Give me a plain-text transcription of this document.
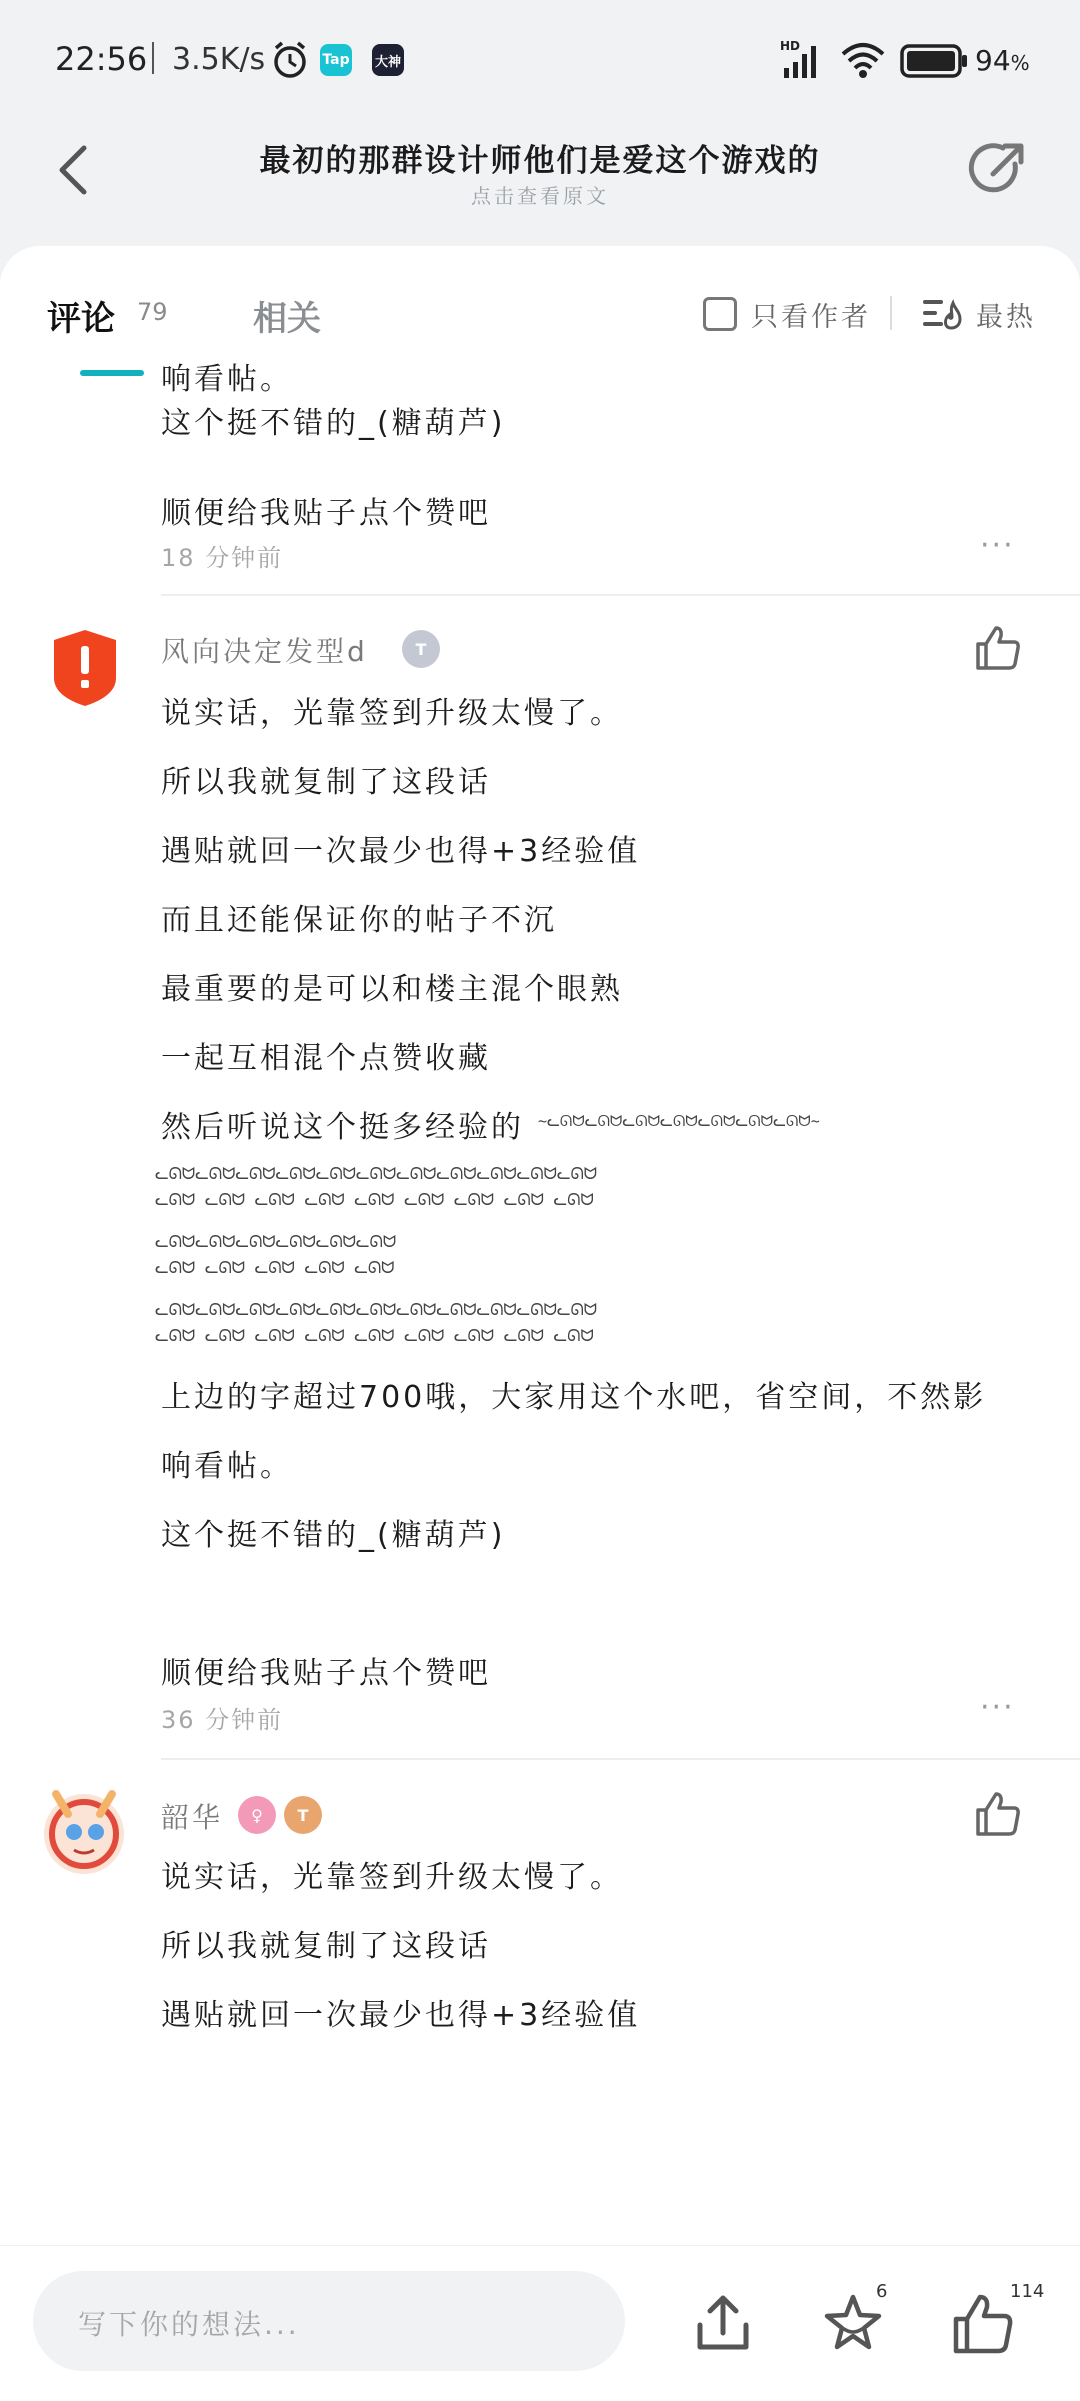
22:56 3.5K/s	Tap 大神
HD	94%
最初的那群设计师他们是爱这个游戏的
点击查看原文
评论 79	相关	只看作者	最热
响看帖。
这个挺不错的_(糖葫芦)
顺便给我贴子点个赞吧
18 分钟前	···
风向决定发型d	T
说实话，光靠签到升级太慢了。
所以我就复制了这段话
遇贴就回一次最少也得+3经验值
而且还能保证你的帖子不沉
最重要的是可以和楼主混个眼熟
一起互相混个点赞收藏
然后听说这个挺多经验的 ~ᓚᘏᗢᓚᘏᗢᓚᘏᗢᓚᘏᗢᓚᘏᗢᓚᘏᗢᓚᘏᗢ~
ᓚᘏᗢᓚᘏᗢᓚᘏᗢᓚᘏᗢᓚᘏᗢᓚᘏᗢᓚᘏᗢᓚᘏᗢᓚᘏᗢᓚᘏᗢᓚᘏᗢ
ᓚᘏᗢ ᓚᘏᗢ ᓚᘏᗢ ᓚᘏᗢ ᓚᘏᗢ ᓚᘏᗢ ᓚᘏᗢ ᓚᘏᗢ ᓚᘏᗢ
ᓚᘏᗢᓚᘏᗢᓚᘏᗢᓚᘏᗢᓚᘏᗢᓚᘏᗢ
ᓚᘏᗢ ᓚᘏᗢ ᓚᘏᗢ ᓚᘏᗢ ᓚᘏᗢ
ᓚᘏᗢᓚᘏᗢᓚᘏᗢᓚᘏᗢᓚᘏᗢᓚᘏᗢᓚᘏᗢᓚᘏᗢᓚᘏᗢᓚᘏᗢᓚᘏᗢ
ᓚᘏᗢ ᓚᘏᗢ ᓚᘏᗢ ᓚᘏᗢ ᓚᘏᗢ ᓚᘏᗢ ᓚᘏᗢ ᓚᘏᗢ ᓚᘏᗢ
上边的字超过700哦，大家用这个水吧，省空间，不然影
响看帖。
这个挺不错的_(糖葫芦)
顺便给我贴子点个赞吧
36 分钟前	···
韶华	♀	T
说实话，光靠签到升级太慢了。
所以我就复制了这段话
遇贴就回一次最少也得+3经验值
写下你的想法...
6	114
